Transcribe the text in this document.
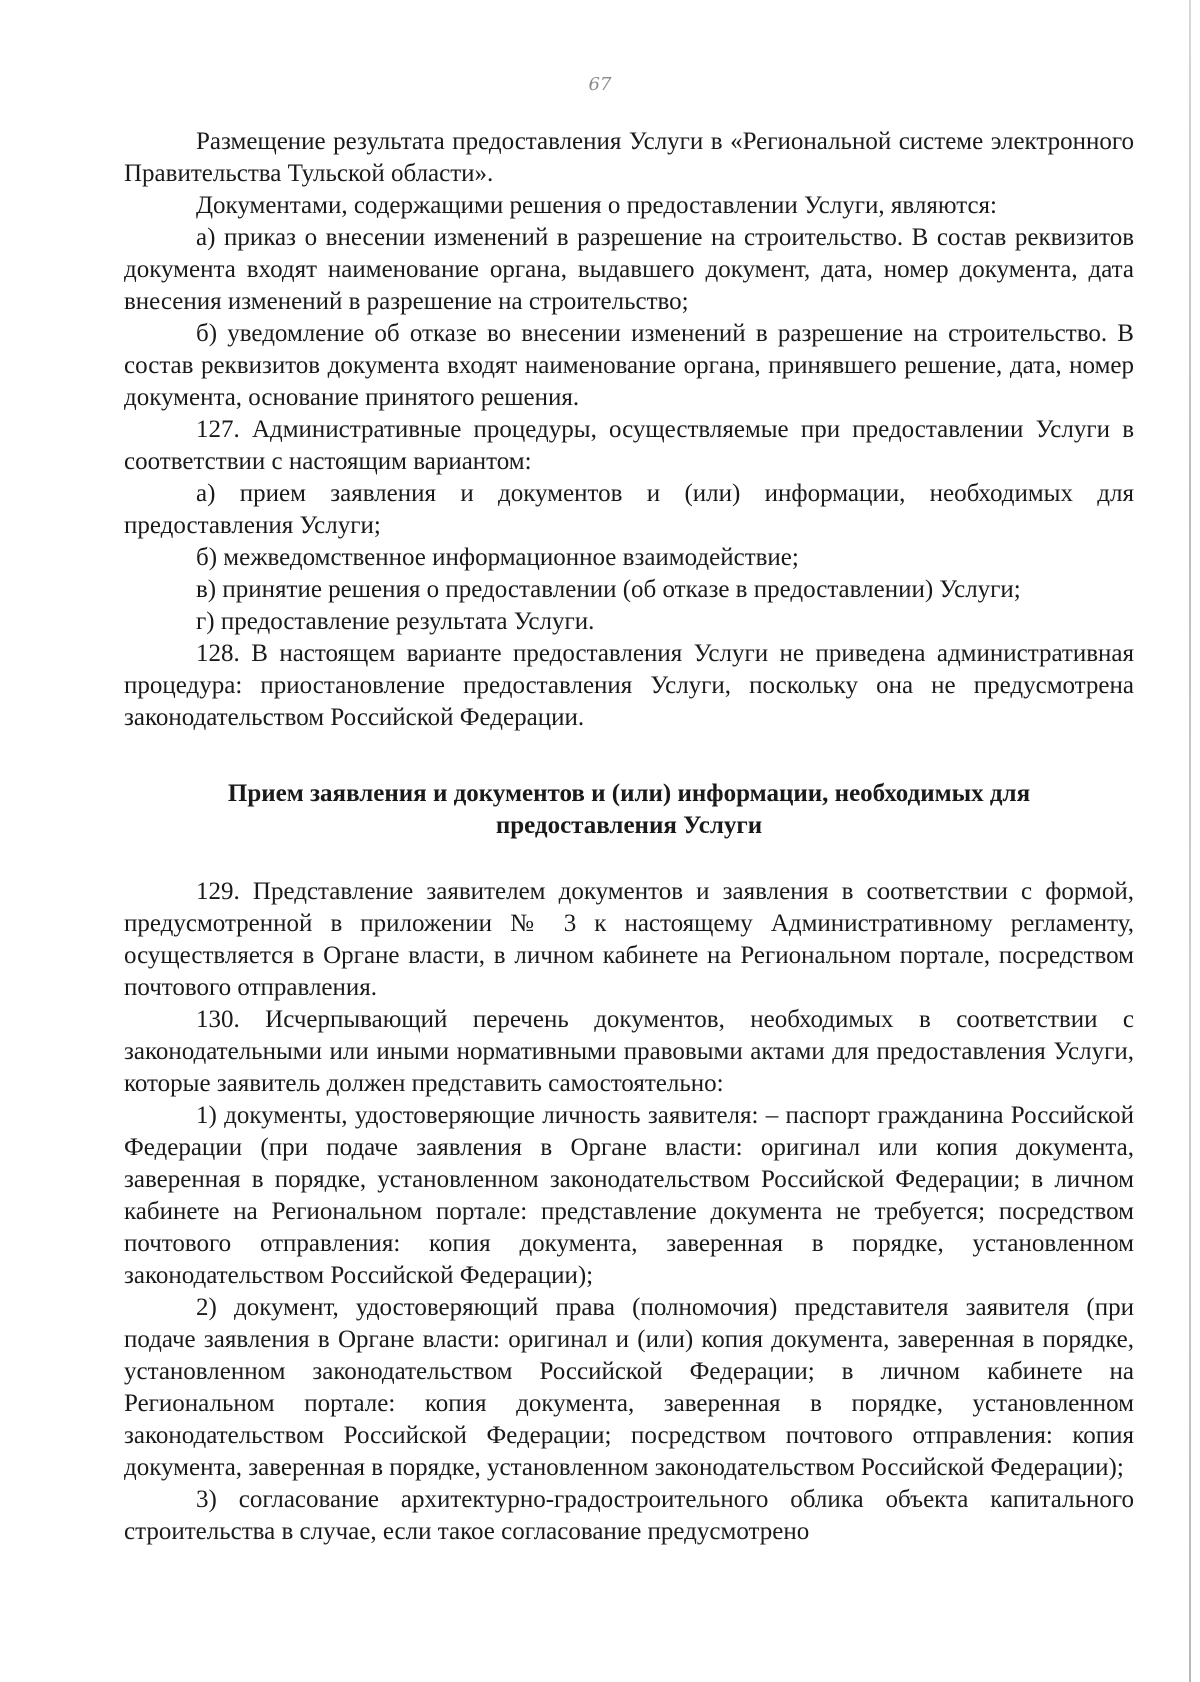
67

Размещение результата предоставления Услуги в «Региональной системе электронного Правительства Тульской области».

Документами, содержащими решения о предоставлении Услуги, являются:

а) приказ о внесении изменений в разрешение на строительство. В состав реквизитов документа входят наименование органа, выдавшего документ, дата, номер документа, дата внесения изменений в разрешение на строительство;

б) уведомление об отказе во внесении изменений в разрешение на строительство. В состав реквизитов документа входят наименование органа, принявшего решение, дата, номер документа, основание принятого решения.

127. Административные процедуры, осуществляемые при предоставлении Услуги в соответствии с настоящим вариантом:

а) прием заявления и документов и (или) информации, необходимых для предоставления Услуги;

б) межведомственное информационное взаимодействие;

в) принятие решения о предоставлении (об отказе в предоставлении) Услуги;

г) предоставление результата Услуги.

128. В настоящем варианте предоставления Услуги не приведена административная процедура: приостановление предоставления Услуги, поскольку она не предусмотрена законодательством Российской Федерации.

Прием заявления и документов и (или) информации, необходимых для
предоставления Услуги

129. Представление заявителем документов и заявления в соответствии с формой, предусмотренной в приложении № 3 к настоящему Административному регламенту, осуществляется в Органе власти, в личном кабинете на Региональном портале, посредством почтового отправления.

130. Исчерпывающий перечень документов, необходимых в соответствии с законодательными или иными нормативными правовыми актами для предоставления Услуги, которые заявитель должен представить самостоятельно:

1) документы, удостоверяющие личность заявителя: – паспорт гражданина Российской Федерации (при подаче заявления в Органе власти: оригинал или копия документа, заверенная в порядке, установленном законодательством Российской Федерации; в личном кабинете на Региональном портале: представление документа не требуется; посредством почтового отправления: копия документа, заверенная в порядке, установленном законодательством Российской Федерации);

2) документ, удостоверяющий права (полномочия) представителя заявителя (при подаче заявления в Органе власти: оригинал и (или) копия документа, заверенная в порядке, установленном законодательством Российской Федерации; в личном кабинете на Региональном портале: копия документа, заверенная в порядке, установленном законодательством Российской Федерации; посредством почтового отправления: копия документа, заверенная в порядке, установленном законодательством Российской Федерации);

3) согласование архитектурно-градостроительного облика объекта капитального строительства в случае, если такое согласование предусмотрено
